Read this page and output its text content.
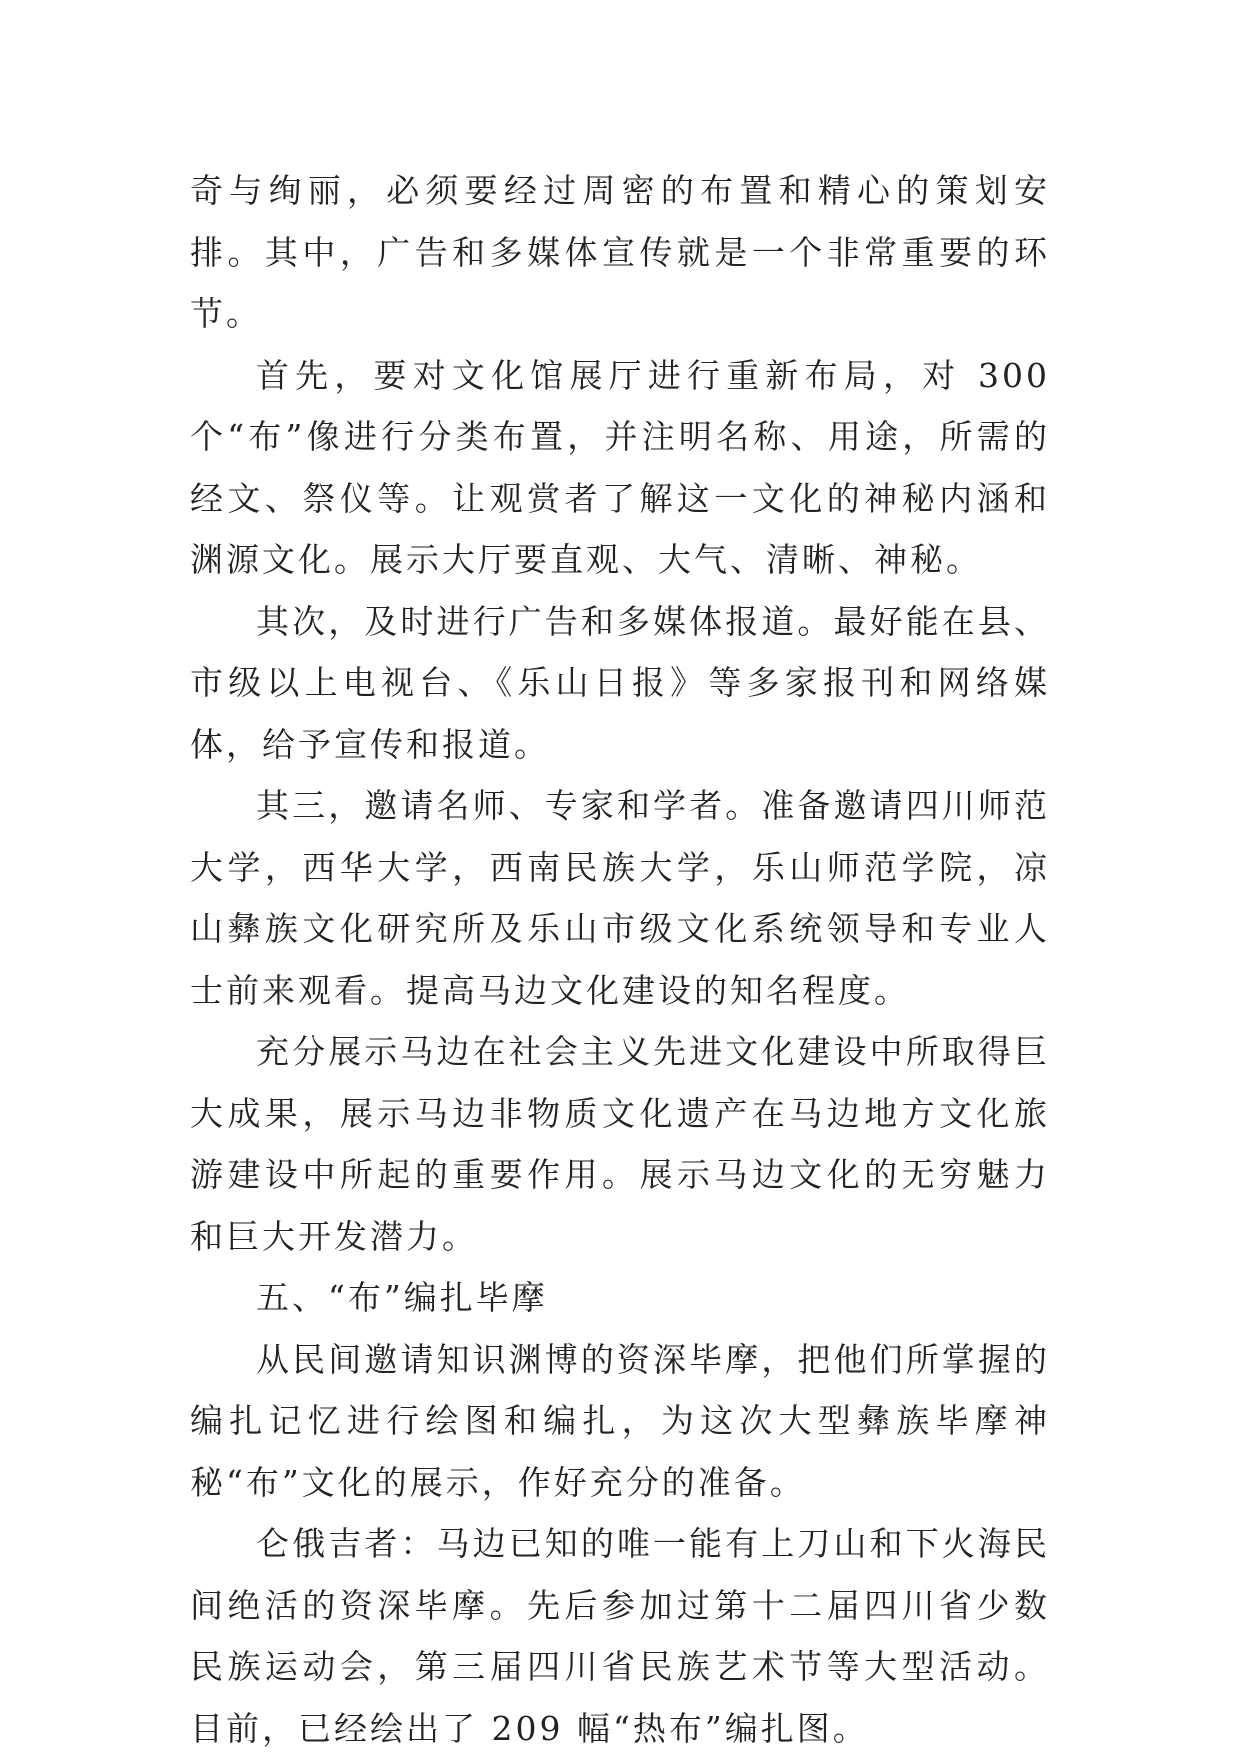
奇与绚丽，必须要经过周密的布置和精心的策划安排。其中，广告和多媒体宣传就是一个非常重要的环节。

首先，要对文化馆展厅进行重新布局，对 300 个“布”像进行分类布置，并注明名称、用途，所需的经文、祭仪等。让观赏者了解这一文化的神秘内涵和渊源文化。展示大厅要直观、大气、清晰、神秘。

其次，及时进行广告和多媒体报道。最好能在县、市级以上电视台、《乐山日报》等多家报刊和网络媒体，给予宣传和报道。

其三，邀请名师、专家和学者。准备邀请四川师范大学，西华大学，西南民族大学，乐山师范学院，凉山彝族文化研究所及乐山市级文化系统领导和专业人士前来观看。提高马边文化建设的知名程度。

充分展示马边在社会主义先进文化建设中所取得巨大成果，展示马边非物质文化遗产在马边地方文化旅游建设中所起的重要作用。展示马边文化的无穷魅力和巨大开发潜力。

五、“布”编扎毕摩

从民间邀请知识渊博的资深毕摩，把他们所掌握的编扎记忆进行绘图和编扎，为这次大型彝族毕摩神秘“布”文化的展示，作好充分的准备。

仑俄吉者：马边已知的唯一能有上刀山和下火海民间绝活的资深毕摩。先后参加过第十二届四川省少数民族运动会，第三届四川省民族艺术节等大型活动。目前，已经绘出了 209 幅“热布”编扎图。
